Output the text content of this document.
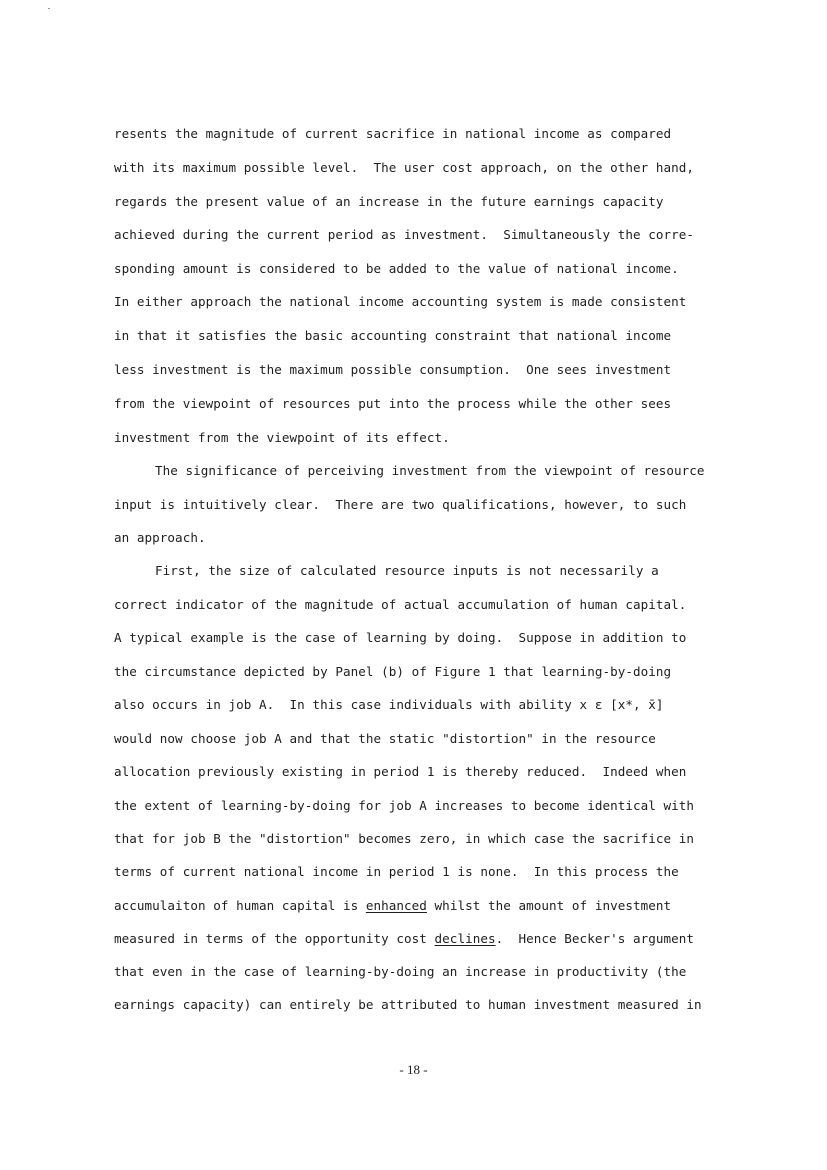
resents the magnitude of current sacrifice in national income as compared
with its maximum possible level.  The user cost approach, on the other hand,
regards the present value of an increase in the future earnings capacity
achieved during the current period as investment.  Simultaneously the corre-
sponding amount is considered to be added to the value of national income.
In either approach the national income accounting system is made consistent
in that it satisfies the basic accounting constraint that national income
less investment is the maximum possible consumption.  One sees investment
from the viewpoint of resources put into the process while the other sees
investment from the viewpoint of its effect.
The significance of perceiving investment from the viewpoint of resource
input is intuitively clear.  There are two qualifications, however, to such
an approach.
First, the size of calculated resource inputs is not necessarily a
correct indicator of the magnitude of actual accumulation of human capital.
A typical example is the case of learning by doing.  Suppose in addition to
the circumstance depicted by Panel (b) of Figure 1 that learning-by-doing
also occurs in job A.  In this case individuals with ability x ε [x*, x̄]
would now choose job A and that the static "distortion" in the resource
allocation previously existing in period 1 is thereby reduced.  Indeed when
the extent of learning-by-doing for job A increases to become identical with
that for job B the "distortion" becomes zero, in which case the sacrifice in
terms of current national income in period 1 is none.  In this process the
accumulaiton of human capital is enhanced whilst the amount of investment
measured in terms of the opportunity cost declines.  Hence Becker's argument
that even in the case of learning-by-doing an increase in productivity (the
earnings capacity) can entirely be attributed to human investment measured in
- 18 -
